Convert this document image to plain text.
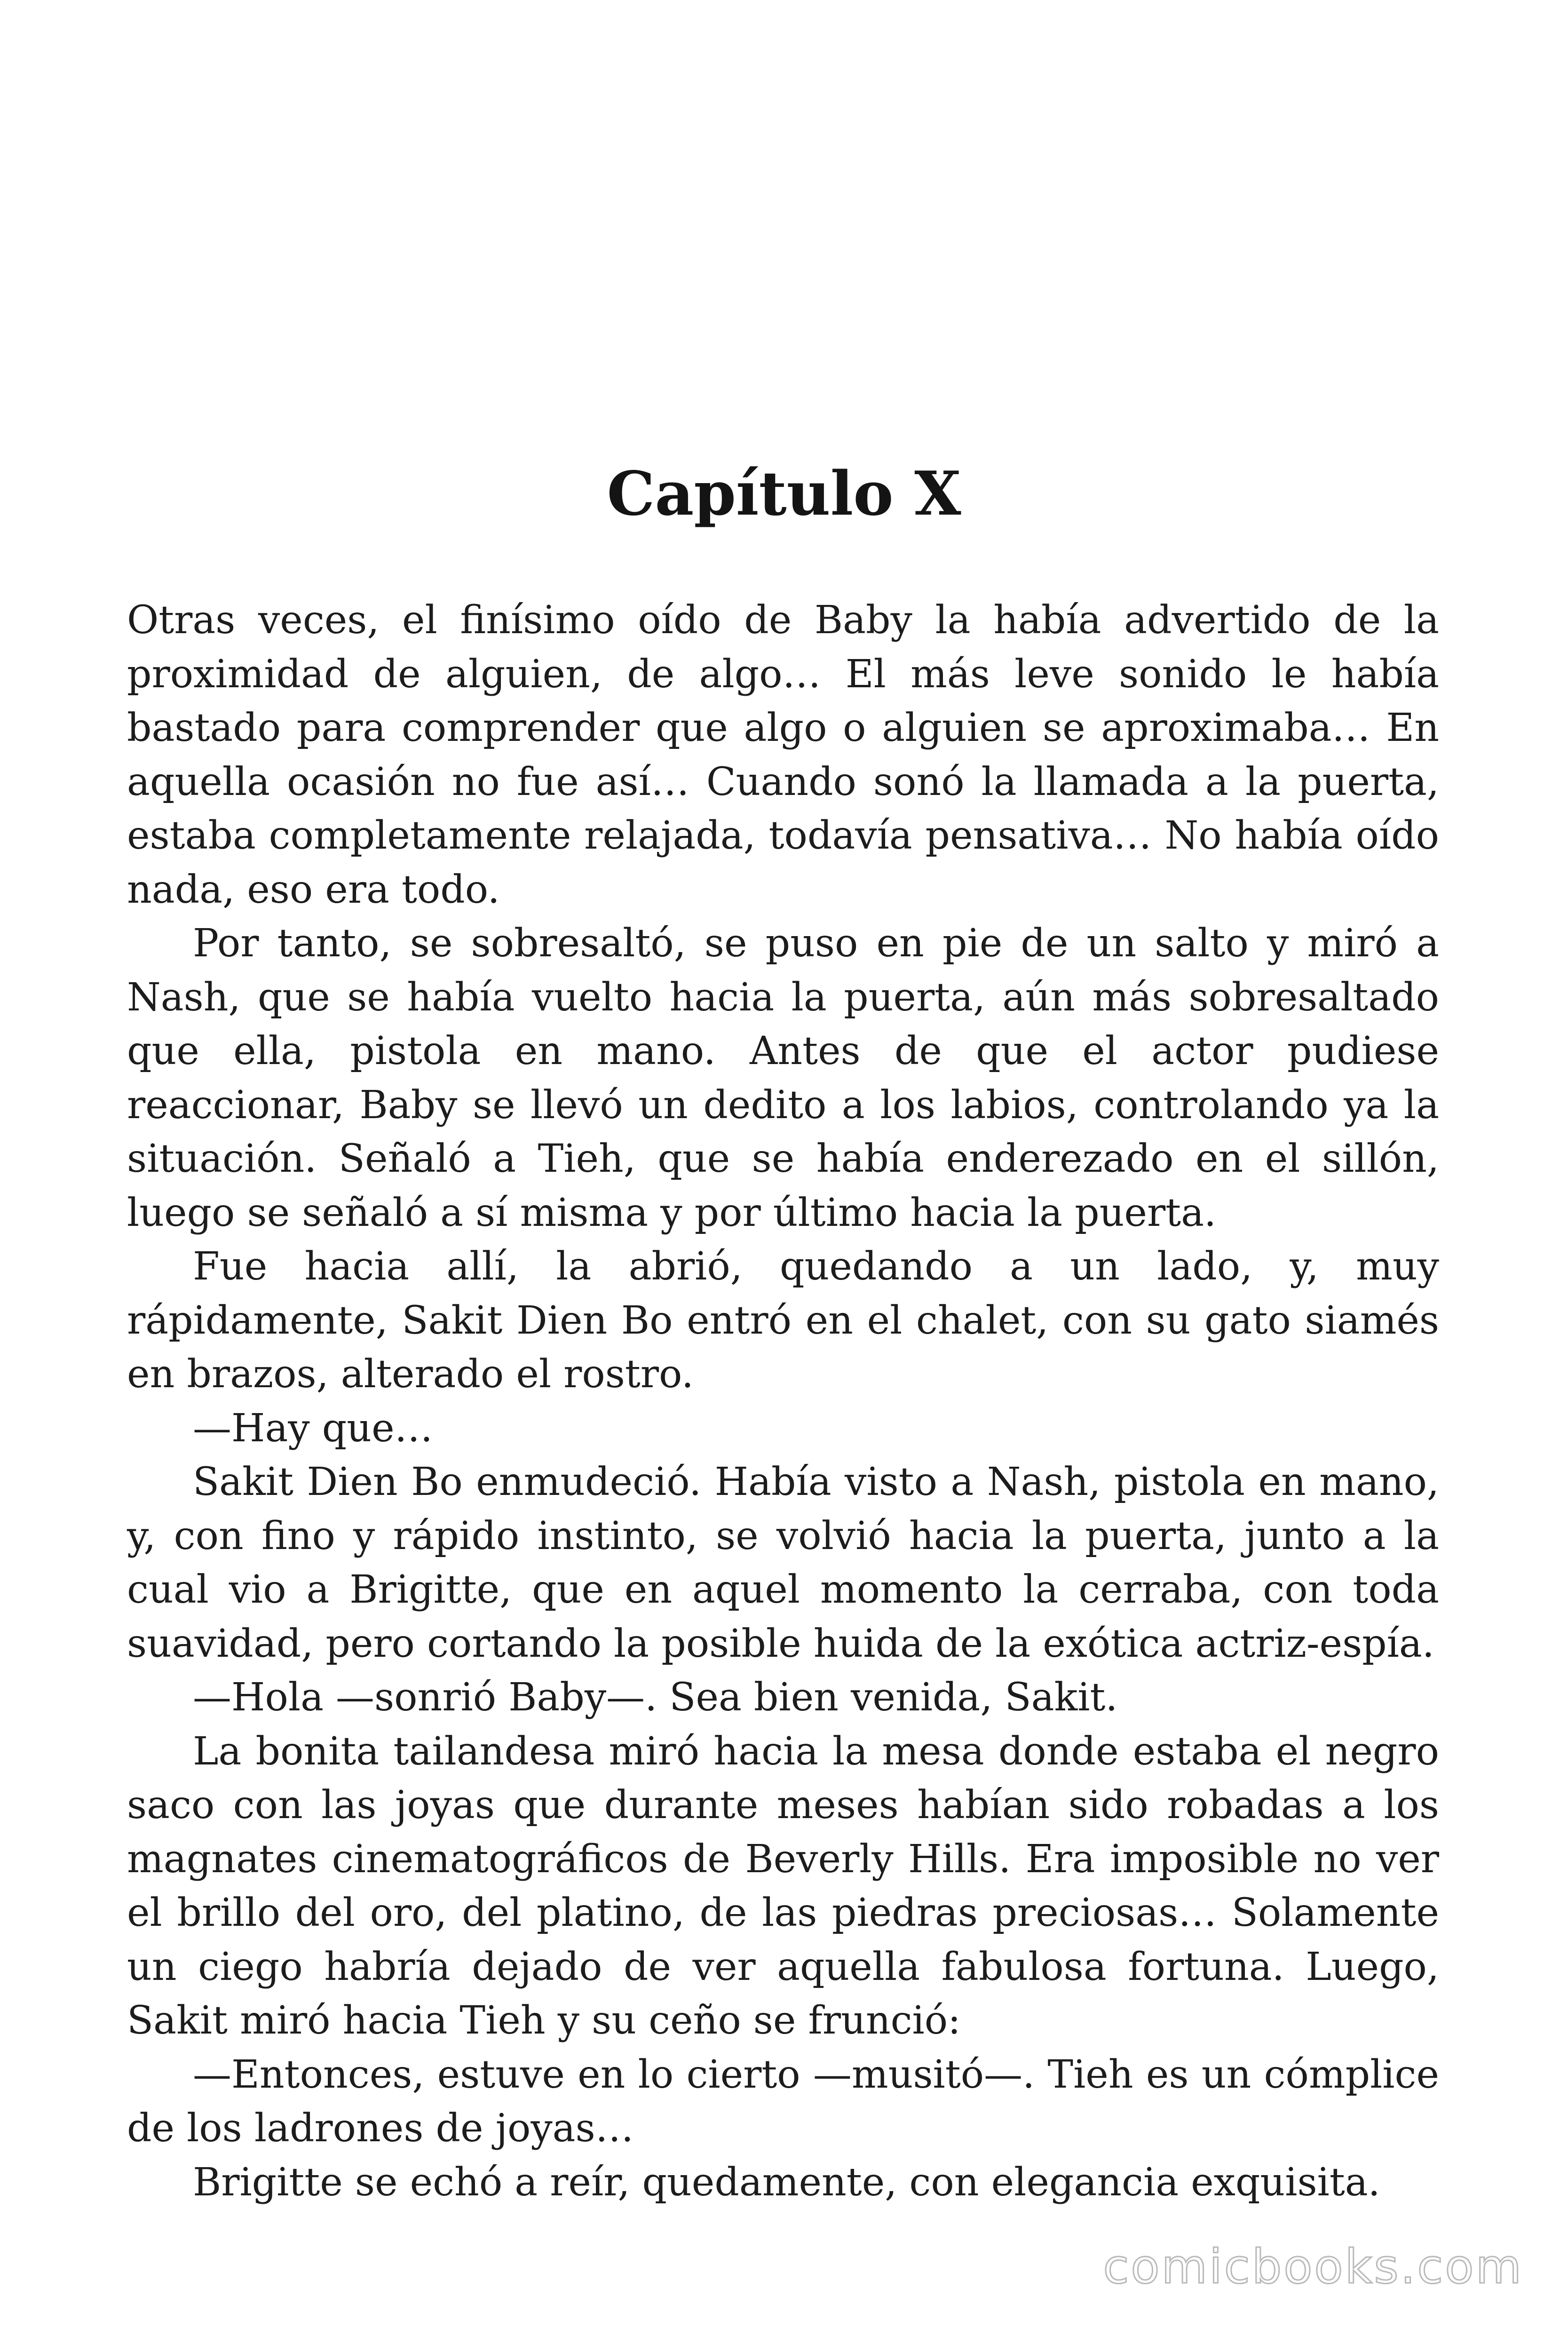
Capítulo X

Otras veces, el finísimo oído de Baby la había advertido de la proximidad de alguien, de algo… El más leve sonido le había bastado para comprender que algo o alguien se aproximaba… En aquella ocasión no fue así… Cuando sonó la llamada a la puerta, estaba completamente relajada, todavía pensativa… No había oído nada, eso era todo.

Por tanto, se sobresaltó, se puso en pie de un salto y miró a Nash, que se había vuelto hacia la puerta, aún más sobresaltado que ella, pistola en mano. Antes de que el actor pudiese reaccionar, Baby se llevó un dedito a los labios, controlando ya la situación. Señaló a Tieh, que se había enderezado en el sillón, luego se señaló a sí misma y por último hacia la puerta.

Fue hacia allí, la abrió, quedando a un lado, y, muy rápidamente, Sakit Dien Bo entró en el chalet, con su gato siamés en brazos, alterado el rostro.

—Hay que…

Sakit Dien Bo enmudeció. Había visto a Nash, pistola en mano, y, con fino y rápido instinto, se volvió hacia la puerta, junto a la cual vio a Brigitte, que en aquel momento la cerraba, con toda suavidad, pero cortando la posible huida de la exótica actriz-espía.

—Hola —sonrió Baby—. Sea bien venida, Sakit.

La bonita tailandesa miró hacia la mesa donde estaba el negro saco con las joyas que durante meses habían sido robadas a los magnates cinematográficos de Beverly Hills. Era imposible no ver el brillo del oro, del platino, de las piedras preciosas… Solamente un ciego habría dejado de ver aquella fabulosa fortuna. Luego, Sakit miró hacia Tieh y su ceño se frunció:

—Entonces, estuve en lo cierto —musitó—. Tieh es un cómplice de los ladrones de joyas…

Brigitte se echó a reír, quedamente, con elegancia exquisita.

comicbooks.com
